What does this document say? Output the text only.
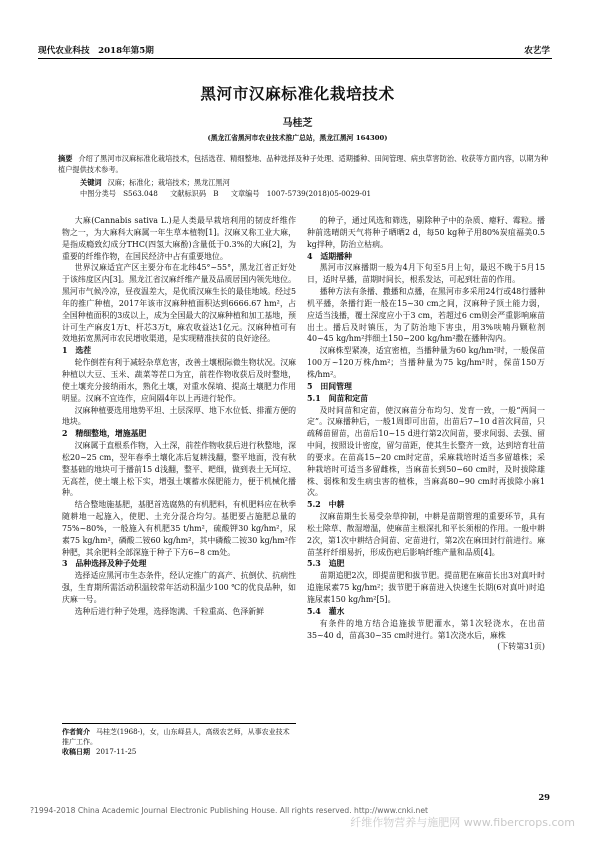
现代农业科技　2018年第5期	农艺学
黑河市汉麻标准化栽培技术
马桂芝
(黑龙江省黑河市农业技术推广总站，黑龙江黑河 164300)
摘要 介绍了黑河市汉麻标准化栽培技术，包括选茬、精细整地、品种选择及种子处理、适期播种、田间管理、病虫草害防治、收获等方面内容，以期为种植户提供技术参考。
关键词 汉麻；标准化；栽培技术；黑龙江黑河
中图分类号　S563.048 文献标识码　B 文章编号　1007-5739(2018)05-0029-01

大麻(Cannabis sativa L.)是人类最早栽培利用的韧皮纤维作物之一，为大麻科大麻属一年生草本植物[1]。汉麻又称工业大麻，是指成瘾致幻成分THC(四氢大麻酚)含量低于0.3%的大麻[2]，为重要的纤维作物，在国民经济中占有重要地位。

世界汉麻适宜产区主要分布在北纬45°~55°，黑龙江省正好处于该纬度区内[3]。黑龙江省汉麻纤维产量及品质居国内领先地位。黑河市气候冷凉，昼夜温差大，是优质汉麻生长的最佳地域。经过5年的推广种植，2017年该市汉麻种植面积达到6666.67 hm²，占全国种植面积的3成以上，成为全国最大的汉麻种植和加工基地，预计可生产麻皮1万t、杆芯3万t，麻农收益达1亿元。汉麻种植可有效地拓宽黑河市农民增收渠道，是实现精准扶贫的良好途径。

1　选茬

轮作倒茬有利于减轻杂草危害，改善土壤根际微生物状况。汉麻种植以大豆、玉米、蔬菜等茬口为宜，前茬作物收获后及时整地，使土壤充分接纳雨水，熟化土壤，对重水保墒、提高土壤肥力作用明显。汉麻不宜连作，应间隔4年以上再进行轮作。

汉麻种植要选用地势平坦、土层深厚、地下水位低、排灌方便的地块。

2　精细整地，增施基肥

汉麻属于直根系作物，入土深，前茬作物收获后进行秋整地，深松20~25 cm，翌年春季土壤化冻后复耕浅翻，整平地面，没有秋整基础的地块可于播前15 d浅翻，整平、耙细，做到表土无坷垃、无高茬，使土壤上松下实，增强土壤蓄水保肥能力，便于机械化播种。

结合整地施基肥，基肥首选腐熟的有机肥料，有机肥料应在秋季随耕地一起施入，使肥、土充分混合均匀。基肥要占施肥总量的75%~80%，一般施入有机肥35 t/hm²，硫酸钾30 kg/hm²，尿素75 kg/hm²，磷酸二铵60 kg/hm²，其中磷酸二铵30 kg/hm²作种肥，其余肥料全部深施于种子下方6~8 cm处。

3　品种选择及种子处理

选择适应黑河市生态条件，经认定推广的高产、抗倒伏、抗病性强，生育期所需活动积温较常年活动积温少100 ℃的优良品种，如庆麻一号。

选种后进行种子处理，选择饱满、千粒重高、色泽新鲜

作者简介 马桂芝(1968-)，女，山东峄县人，高级农艺师，从事农业技术推广工作。
收稿日期 2017-11-25

的种子，通过风选和筛选，剔除种子中的杂质、瘪籽、霉粒。播种前选晴朗天气将种子晒晒2 d，每50 kg种子用80%炭疽福美0.5 kg拌种，防治立枯病。

4　适期播种

黑河市汉麻播期一般为4月下旬至5月上旬，最迟不晚于5月15日，适时早播，苗期时间长，根系发达，可起到壮苗的作用。

播种方法有条播、撒播和点播，在黑河市多采用24行或48行播种机平播，条播行距一般在15~30 cm之间，汉麻种子顶土能力弱，应适当浅播，覆土深度应小于3 cm，若超过6 cm则会严重影响麻苗出土。播后及时镇压，为了防治地下害虫，用3%呋喃丹颗粒剂40~45 kg/hm²拌细土150~200 kg/hm²撒在播种沟内。

汉麻株型紧凑，适宜密植，当播种量为60 kg/hm²时，一般保苗100万~120万株/hm²；当播种量为75 kg/hm²时，保苗150万株/hm²。

5　田间管理
5.1　间苗和定苗

及时间苗和定苗，使汉麻苗分布均匀、发育一致，一般“两间一定”。汉麻播种后，一般1周即可出苗，出苗后7~10 d首次间苗，只疏稀苗留苗，出苗后10~15 d进行第2次间苗，要求间弱、去强、留中间，按照设计密度，留匀苗距，使其生长整齐一致，达到培育壮苗的要求。在苗高15~20 cm时定苗，采麻栽培时适当多留雄株；采种栽培时可适当多留雌株，当麻苗长到50~60 cm时，及时拔除雄株、弱株和发生病虫害的植株，当麻高80~90 cm时再拔除小麻1次。

5.2　中耕

汉麻苗期生长易受杂草抑制，中耕是苗期管理的重要环节，具有松土除草、散湿增温，使麻苗主根深扎和平长须根的作用。一般中耕2次，第1次中耕结合间苗、定苗进行，第2次在麻田封行前进行。麻苗茎秆纤细易折，形成伤疤后影响纤维产量和品质[4]。

5.3　追肥

苗期追肥2次，即提苗肥和拔节肥。提苗肥在麻苗长出3对真叶时追施尿素75 kg/hm²；拔节肥于麻苗进入快速生长期(6对真叶)时追施尿素150 kg/hm²[5]。

5.4　灌水

有条件的地方结合追施拔节肥灌水，第1次轻浇水，在出苗35~40 d，苗高30~35 cm时进行。第1次浇水后，麻株

(下转第31页)
29
?1994-2018 China Academic Journal Electronic Publishing House. All rights reserved. http://www.cnki.net
纤维作物营养与施肥网 www.fibercrops.com
